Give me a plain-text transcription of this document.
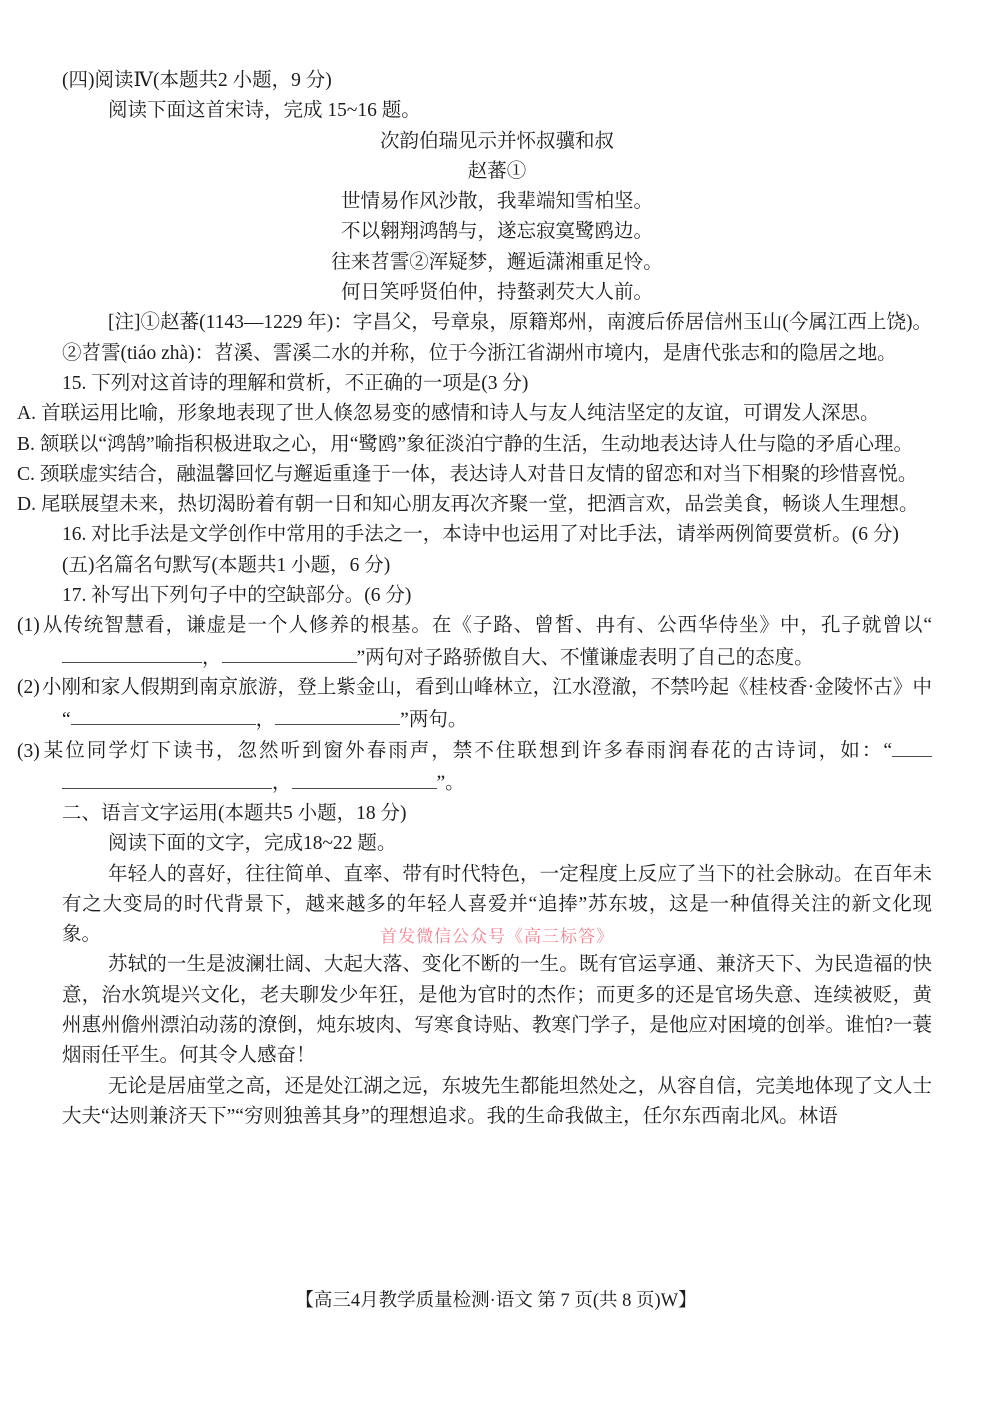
(四)阅读Ⅳ(本题共2 小题，9 分)

阅读下面这首宋诗，完成 15~16 题。

次韵伯瑞见示并怀叔骥和叔
赵蕃①
世情易作风沙散，我辈端知雪柏坚。
不以翱翔鸿鹄与，遂忘寂寞鹭鸥边。
往来苕霅②浑疑梦，邂逅潇湘重足怜。
何日笑呼贤伯仲，持螯剥芡大人前。

[注]①赵蕃(1143—1229 年)：字昌父，号章泉，原籍郑州，南渡后侨居信州玉山(今属江西上饶)。②苕霅(tiáo zhà)：苕溪、霅溪二水的并称，位于今浙江省湖州市境内，是唐代张志和的隐居之地。

15. 下列对这首诗的理解和赏析，不正确的一项是(3 分)

A. 首联运用比喻，形象地表现了世人倏忽易变的感情和诗人与友人纯洁坚定的友谊，可谓发人深思。

B. 颔联以“鸿鹄”喻指积极进取之心，用“鹭鸥”象征淡泊宁静的生活，生动地表达诗人仕与隐的矛盾心理。

C. 颈联虚实结合，融温馨回忆与邂逅重逢于一体，表达诗人对昔日友情的留恋和对当下相聚的珍惜喜悦。

D. 尾联展望未来，热切渴盼着有朝一日和知心朋友再次齐聚一堂，把酒言欢，品尝美食，畅谈人生理想。

16. 对比手法是文学创作中常用的手法之一，本诗中也运用了对比手法，请举两例简要赏析。(6 分)

(五)名篇名句默写(本题共1 小题，6 分)

17. 补写出下列句子中的空缺部分。(6 分)

(1) 从传统智慧看，谦虚是一个人修养的根基。在《子路、曾皙、冉有、公西华侍坐》中，孔子就曾以“，	”两句对子路骄傲自大、不懂谦虚表明了自己的态度。

(2) 小刚和家人假期到南京旅游，登上紫金山，看到山峰林立，江水澄澈，不禁吟起《桂枝香·金陵怀古》中“	，	”两句。

(3) 某位同学灯下读书，忽然听到窗外春雨声，禁不住联想到许多春雨润春花的古诗词，如：“，	”。

二、语言文字运用(本题共5 小题，18 分)

阅读下面的文字，完成18~22 题。

年轻人的喜好，往往简单、直率、带有时代特色，一定程度上反应了当下的社会脉动。在百年未有之大变局的时代背景下，越来越多的年轻人喜爱并“追捧”苏东坡，这是一种值得关注的新文化现象。	首发微信公众号《高三标答》

苏轼的一生是波澜壮阔、大起大落、变化不断的一生。既有官运享通、兼济天下、为民造福的快意，治水筑堤兴文化，老夫聊发少年狂，是他为官时的杰作；而更多的还是官场失意、连续被贬，黄州惠州儋州漂泊动荡的潦倒，炖东坡肉、写寒食诗贴、教寒门学子，是他应对困境的创举。谁怕?一蓑烟雨任平生。何其令人感奋！

无论是居庙堂之高，还是处江湖之远，东坡先生都能坦然处之，从容自信，完美地体现了文人士大夫“达则兼济天下”“穷则独善其身”的理想追求。我的生命我做主，任尔东西南北风。林语

【高三4月教学质量检测·语文 第 7 页(共 8 页)W】
